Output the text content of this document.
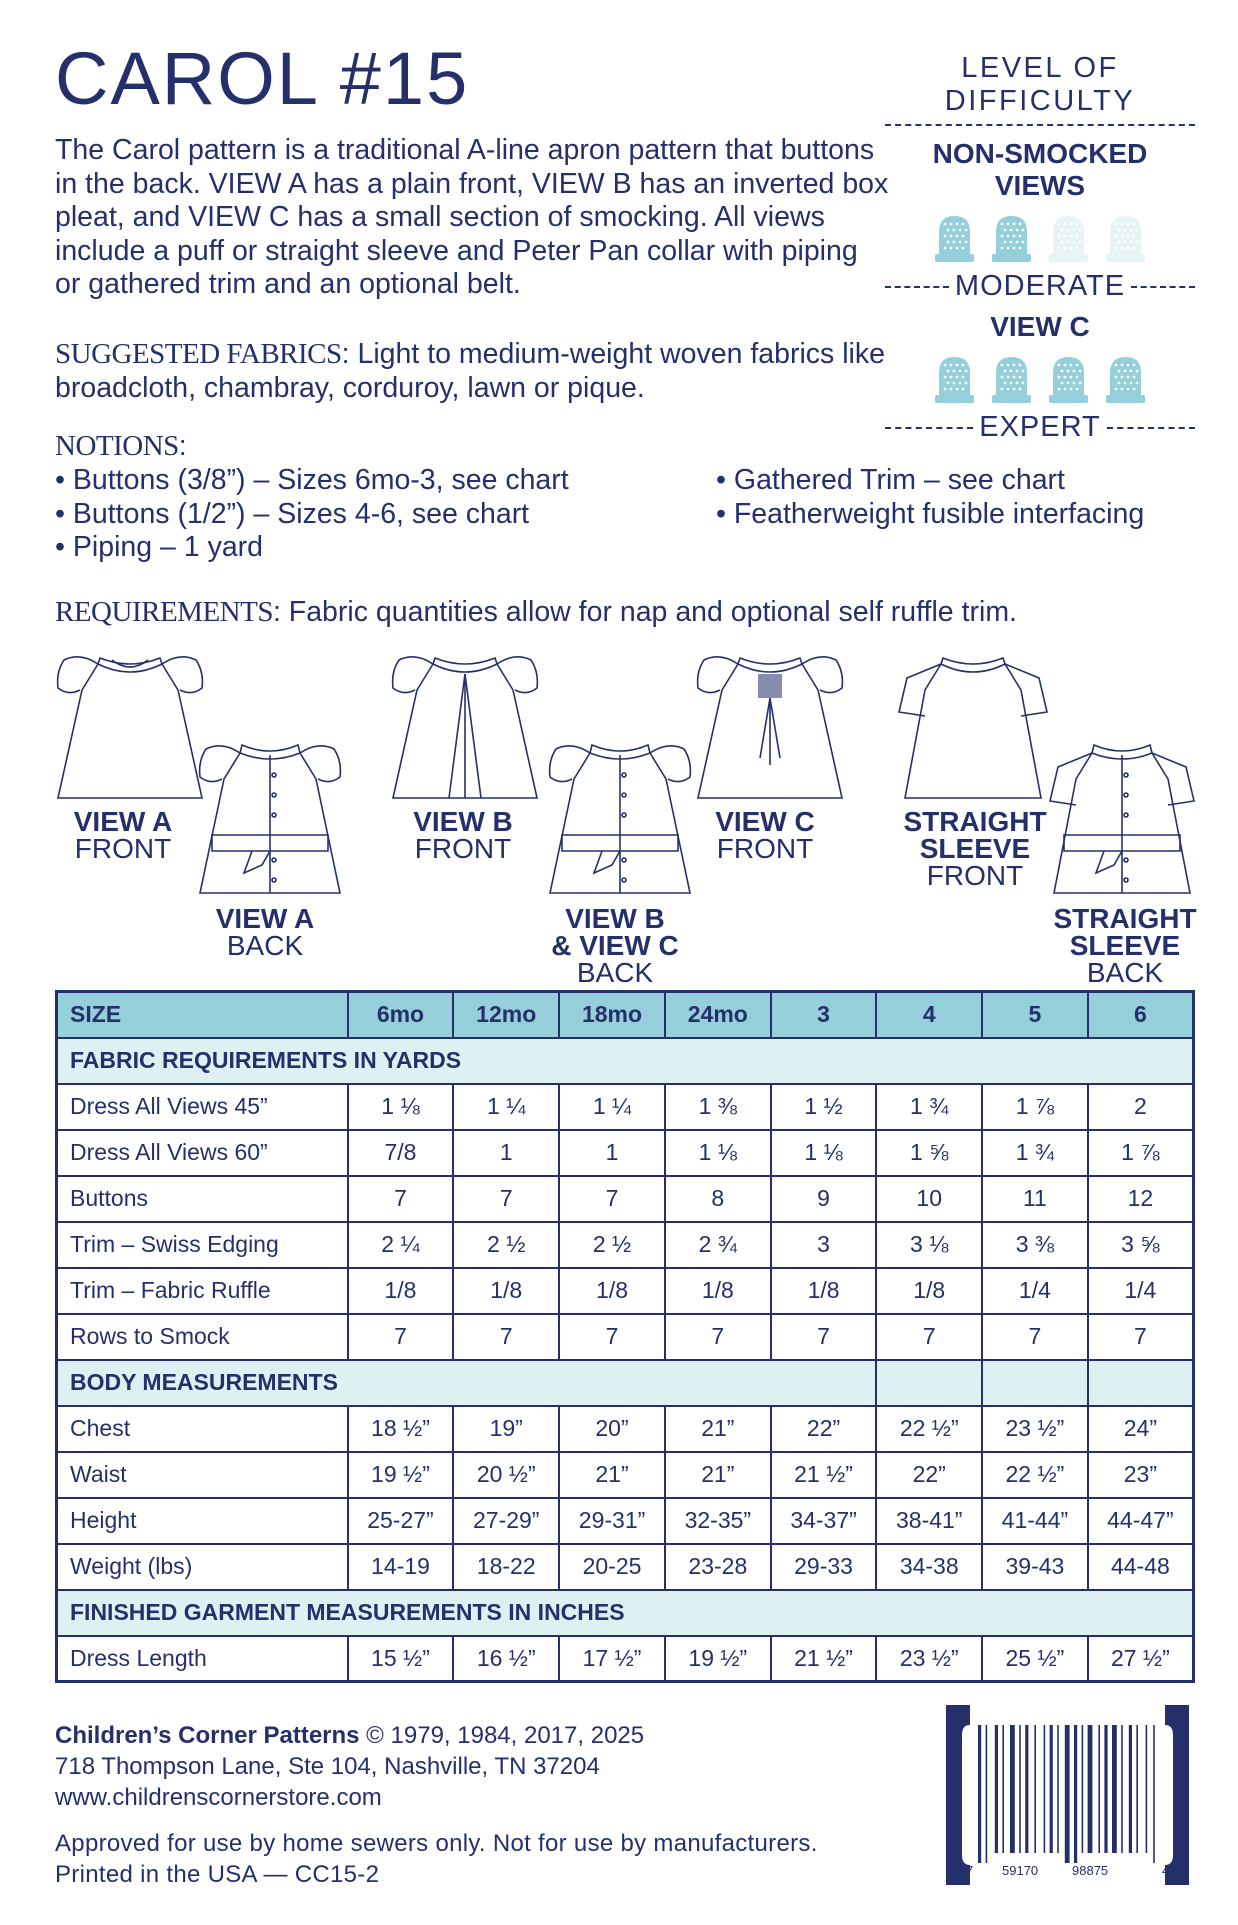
CAROL #15

The Carol pattern is a traditional A-line apron pattern that buttons in the back. VIEW A has a plain front, VIEW B has an inverted box pleat, and VIEW C has a small section of smocking. All views include a puff or straight sleeve and Peter Pan collar with piping or gathered trim and an optional belt.

LEVEL OF DIFFICULTY
NON-SMOCKED VIEWS
MODERATE
VIEW C
EXPERT
SUGGESTED FABRICS: Light to medium-weight woven fabrics like broadcloth, chambray, corduroy, lawn or pique.
NOTIONS:
• Buttons (3/8”) – Sizes 6mo-3, see chart
• Buttons (1/2”) – Sizes 4-6, see chart
• Piping – 1 yard
• Gathered Trim – see chart
• Featherweight fusible interfacing
REQUIREMENTS: Fabric quantities allow for nap and optional self ruffle trim.
VIEW A
FRONT
VIEW A
BACK
VIEW B
FRONT
VIEW B
& VIEW C
BACK
VIEW C
FRONT
STRAIGHT
SLEEVE
FRONT
STRAIGHT
SLEEVE
BACK
SIZE	6mo	12mo	18mo	24mo	3	4	5	6
FABRIC REQUIREMENTS IN YARDS								
Dress All Views 45”	1 ⅛	1 ¼	1 ¼	1 ⅜	1 ½	1 ¾	1 ⅞	2
Dress All Views 60”	7/8	1	1	1 ⅛	1 ⅛	1 ⅝	1 ¾	1 ⅞
Buttons	7	7	7	8	9	10	11	12
Trim – Swiss Edging	2 ¼	2 ½	2 ½	2 ¾	3	3 ⅛	3 ⅜	3 ⅝
Trim – Fabric Ruffle	1/8	1/8	1/8	1/8	1/8	1/8	1/4	1/4
Rows to Smock	7	7	7	7	7	7	7	7
BODY MEASUREMENTS								
Chest	18 ½”	19”	20”	21”	22”	22 ½”	23 ½”	24”
Waist	19 ½”	20 ½”	21”	21”	21 ½”	22”	22 ½”	23”
Height	25-27”	27-29”	29-31”	32-35”	34-37”	38-41”	41-44”	44-47”
Weight (lbs)	14-19	18-22	20-25	23-28	29-33	34-38	39-43	44-48
FINISHED GARMENT MEASUREMENTS IN INCHES								
Dress Length	15 ½”	16 ½”	17 ½”	19 ½”	21 ½”	23 ½”	25 ½”	27 ½”
Children’s Corner Patterns © 1979, 1984, 2017, 2025
718 Thompson Lane, Ste 104, Nashville, TN 37204
www.childrenscornerstore.com
Approved for use by home sewers only. Not for use by manufacturers.
Printed in the USA — CC15-2	7 59170	98875	4
